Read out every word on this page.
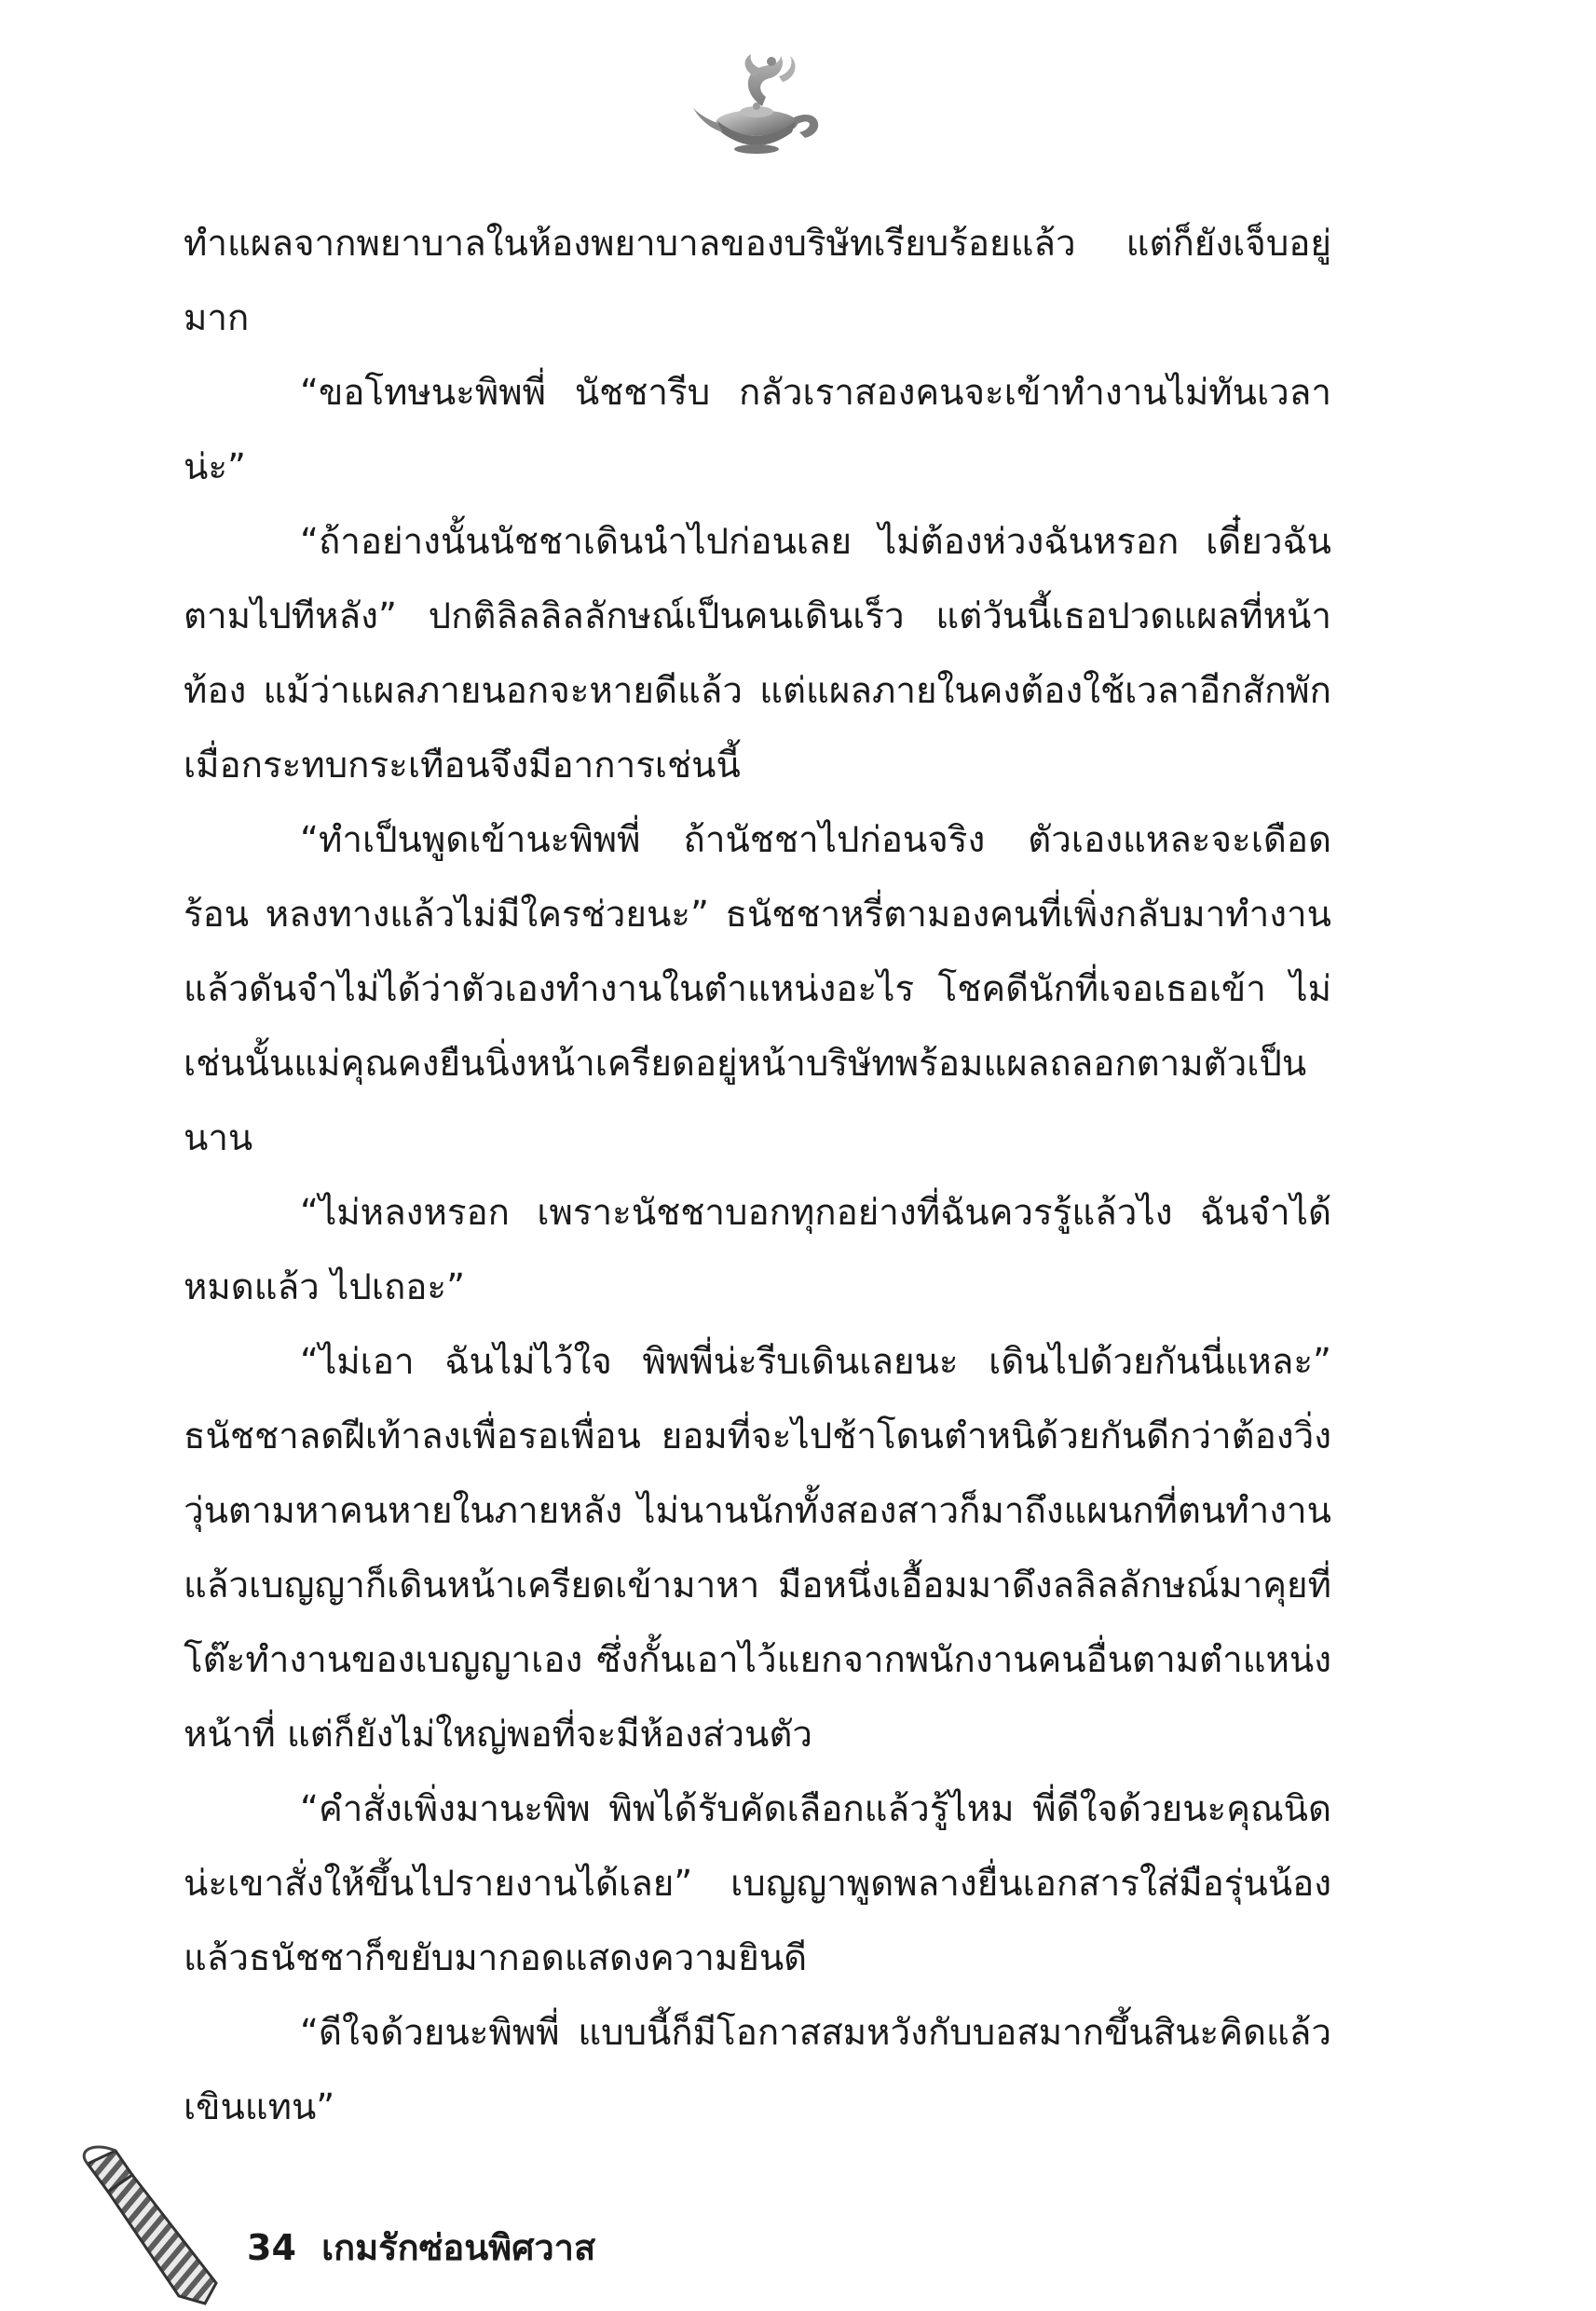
ทำแผลจากพยาบาลในห้องพยาบาลของบริษัทเรียบร้อยแล้ว แต่ก็ยังเจ็บอยู่มาก

“ขอโทษนะพิพพี่ นัชชารีบ กลัวเราสองคนจะเข้าทำงานไม่ทันเวลาน่ะ”

“ถ้าอย่างนั้นนัชชาเดินนำไปก่อนเลย ไม่ต้องห่วงฉันหรอก เดี๋ยวฉันตามไปทีหลัง” ปกติลิลลิลลักษณ์เป็นคนเดินเร็ว แต่วันนี้เธอปวดแผลที่หน้าท้อง แม้ว่าแผลภายนอกจะหายดีแล้ว แต่แผลภายในคงต้องใช้เวลาอีกสักพัก เมื่อกระทบกระเทือนจึงมีอาการเช่นนี้

“ทำเป็นพูดเข้านะพิพพี่ ถ้านัชชาไปก่อนจริง ตัวเองแหละจะเดือดร้อน หลงทางแล้วไม่มีใครช่วยนะ” ธนัชชาหรี่ตามองคนที่เพิ่งกลับมาทำงานแล้วดันจำไม่ได้ว่าตัวเองทำงานในตำแหน่งอะไร โชคดีนักที่เจอเธอเข้า ไม่เช่นนั้นแม่คุณคงยืนนิ่งหน้าเครียดอยู่หน้าบริษัทพร้อมแผลถลอกตามตัวเป็นนาน

“ไม่หลงหรอก เพราะนัชชาบอกทุกอย่างที่ฉันควรรู้แล้วไง ฉันจำได้หมดแล้ว ไปเถอะ”

“ไม่เอา ฉันไม่ไว้ใจ พิพพี่น่ะรีบเดินเลยนะ เดินไปด้วยกันนี่แหละ” ธนัชชาลดฝีเท้าลงเพื่อรอเพื่อน ยอมที่จะไปช้าโดนตำหนิด้วยกันดีกว่าต้องวิ่งวุ่นตามหาคนหายในภายหลัง ไม่นานนักทั้งสองสาวก็มาถึงแผนกที่ตนทำงาน แล้วเบญญาก็เดินหน้าเครียดเข้ามาหา มือหนึ่งเอื้อมมาดึงลลิลลักษณ์มาคุยที่โต๊ะทำงานของเบญญาเอง ซึ่งกั้นเอาไว้แยกจากพนักงานคนอื่นตามตำแหน่งหน้าที่ แต่ก็ยังไม่ใหญ่พอที่จะมีห้องส่วนตัว

“คำสั่งเพิ่งมานะพิพ พิพได้รับคัดเลือกแล้วรู้ไหม พี่ดีใจด้วยนะคุณนิดน่ะเขาสั่งให้ขึ้นไปรายงานได้เลย” เบญญาพูดพลางยื่นเอกสารใส่มือรุ่นน้อง แล้วธนัชชาก็ขยับมากอดแสดงความยินดี

“ดีใจด้วยนะพิพพี่ แบบนี้ก็มีโอกาสสมหวังกับบอสมากขึ้นสินะคิดแล้วเขินแทน”

34 เกมรักซ่อนพิศวาส
